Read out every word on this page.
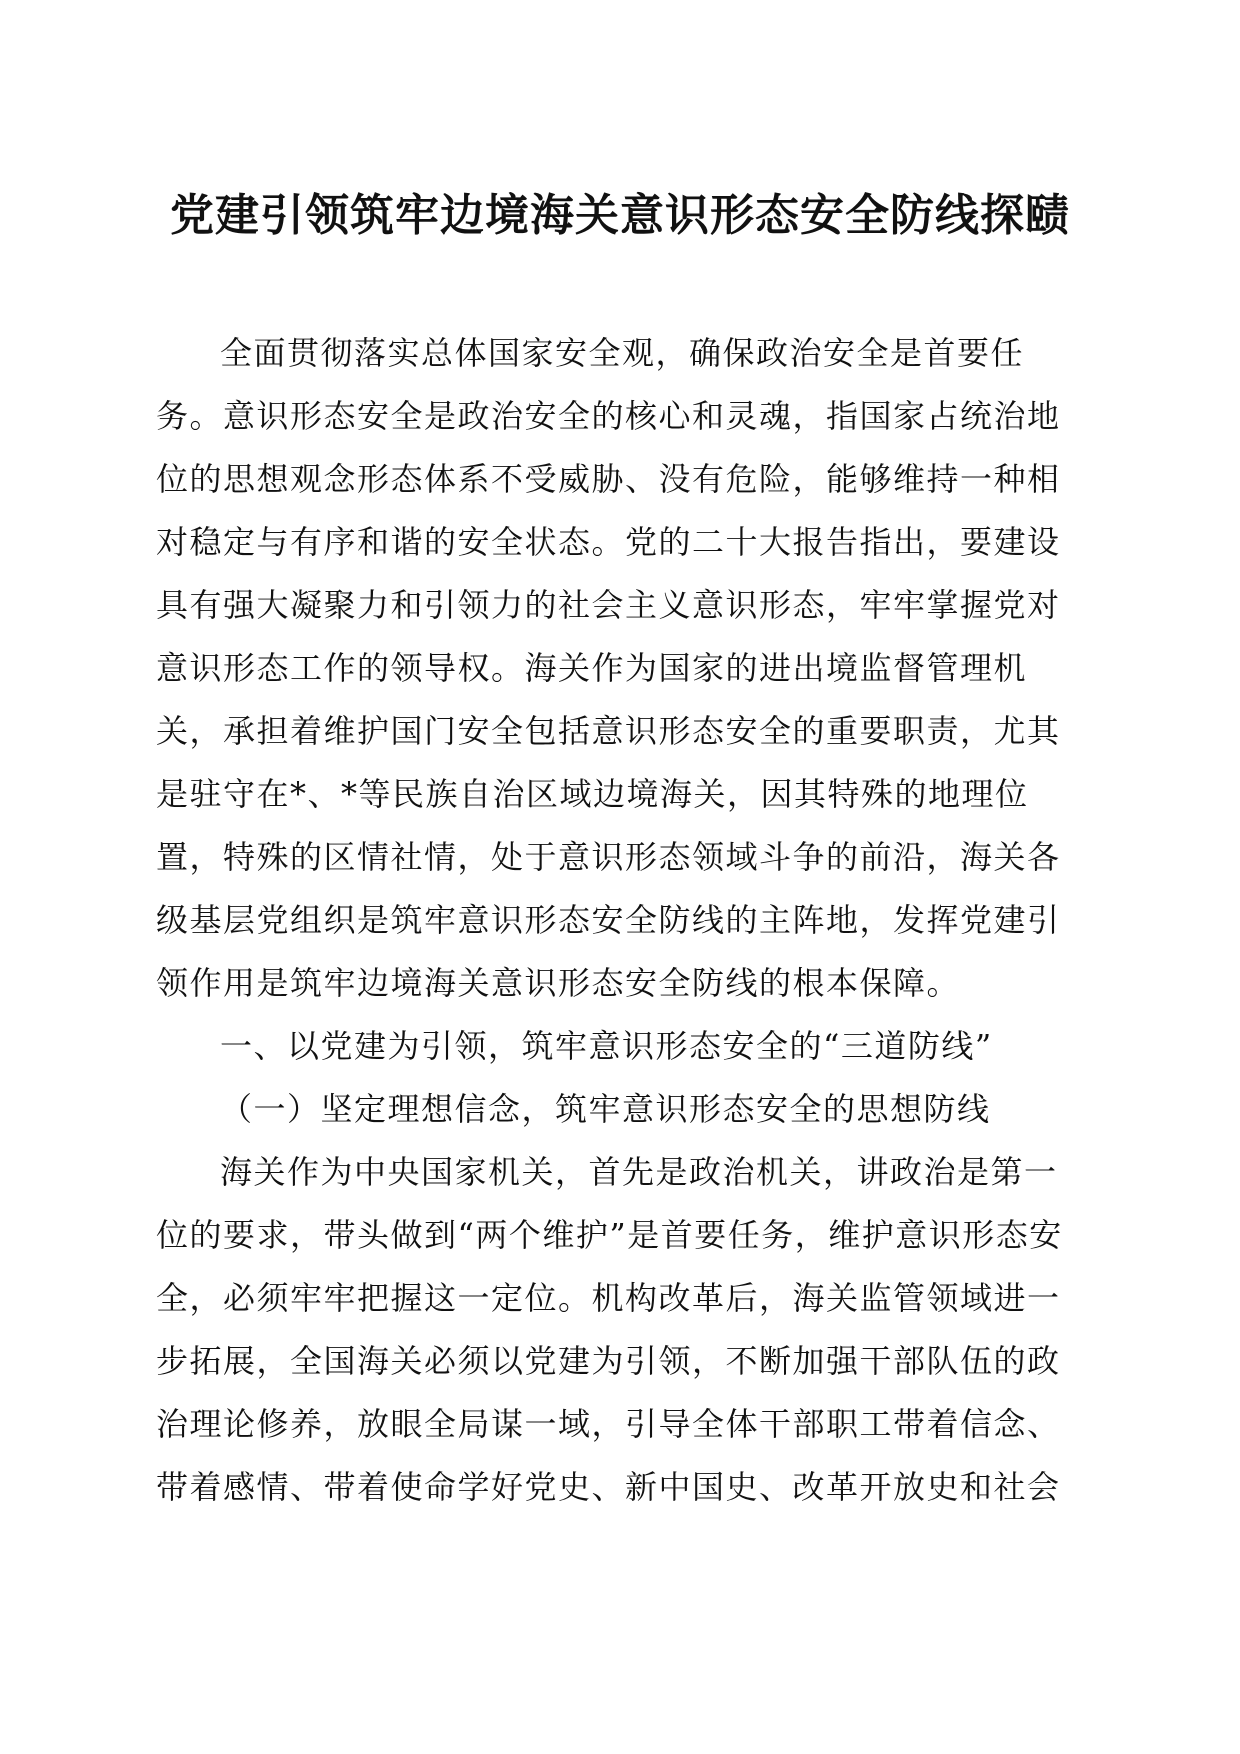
党建引领筑牢边境海关意识形态安全防线探赜

全面贯彻落实总体国家安全观，确保政治安全是首要任务。意识形态安全是政治安全的核心和灵魂，指国家占统治地位的思想观念形态体系不受威胁、没有危险，能够维持一种相对稳定与有序和谐的安全状态。党的二十大报告指出，要建设具有强大凝聚力和引领力的社会主义意识形态，牢牢掌握党对意识形态工作的领导权。海关作为国家的进出境监督管理机关，承担着维护国门安全包括意识形态安全的重要职责，尤其是驻守在*、*等民族自治区域边境海关，因其特殊的地理位置，特殊的区情社情，处于意识形态领域斗争的前沿，海关各级基层党组织是筑牢意识形态安全防线的主阵地，发挥党建引领作用是筑牢边境海关意识形态安全防线的根本保障。

一、以党建为引领，筑牢意识形态安全的“三道防线”

（一）坚定理想信念，筑牢意识形态安全的思想防线

海关作为中央国家机关，首先是政治机关，讲政治是第一位的要求，带头做到“两个维护”是首要任务，维护意识形态安全，必须牢牢把握这一定位。机构改革后，海关监管领域进一步拓展，全国海关必须以党建为引领，不断加强干部队伍的政治理论修养，放眼全局谋一域，引导全体干部职工带着信念、带着感情、带着使命学好党史、新中国史、改革开放史和社会
